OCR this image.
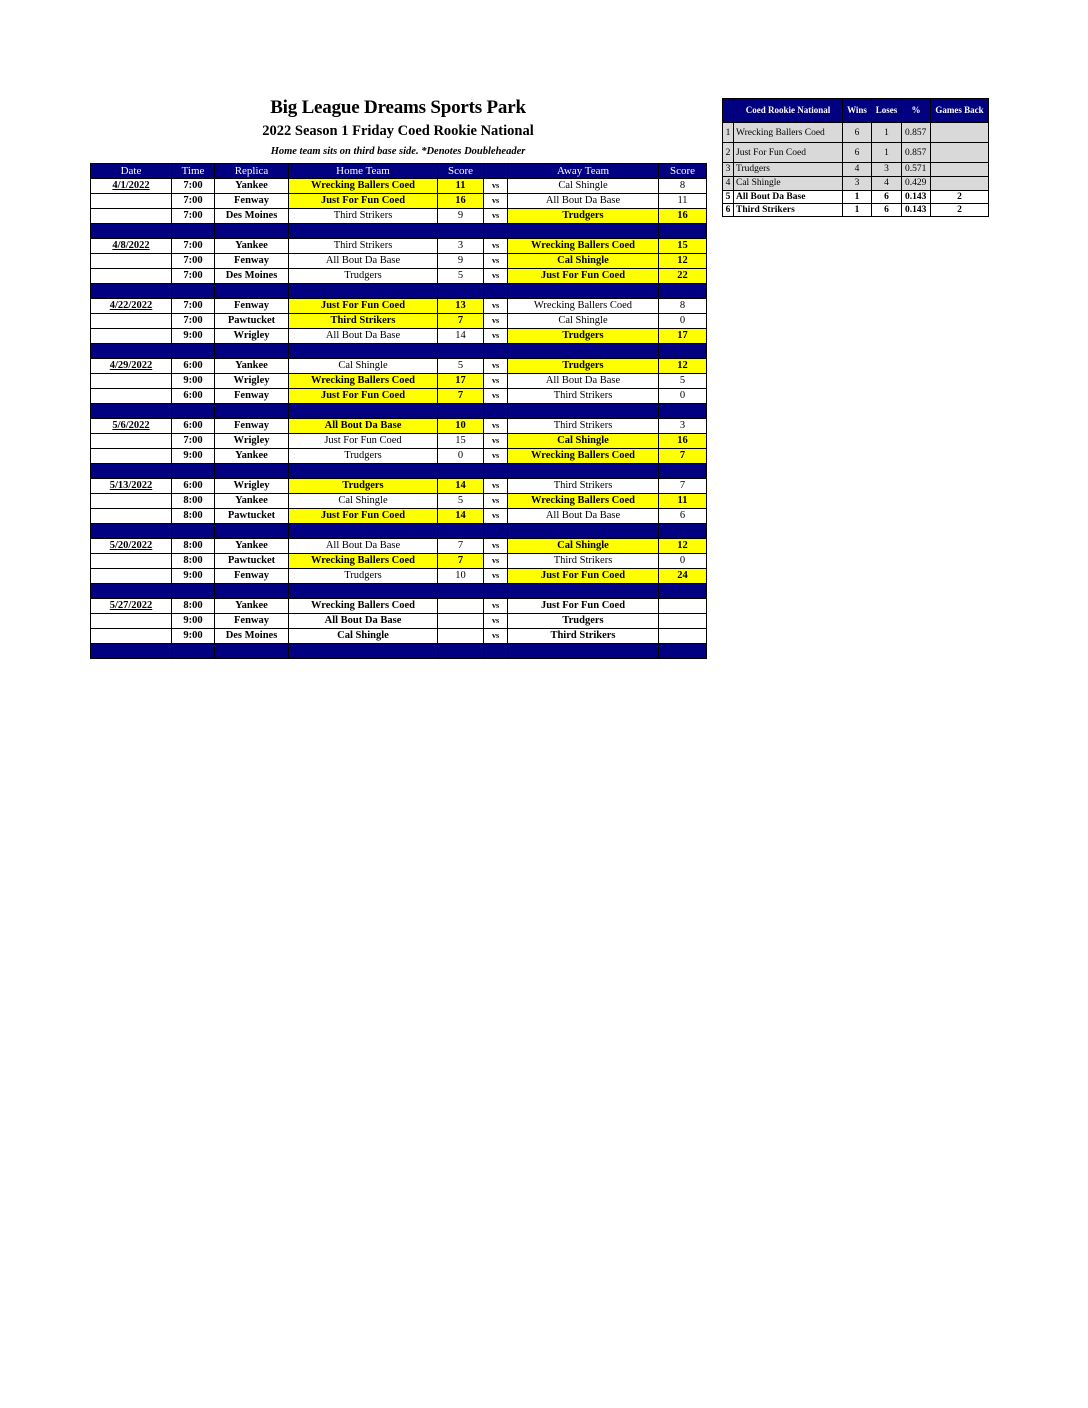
Big League Dreams Sports Park
2022 Season 1 Friday Coed Rookie National
Home team sits on third base side. *Denotes Doubleheader
Date	Time	Replica	Home Team	Score		Away Team	Score
4/1/2022	7:00	Yankee	Wrecking Ballers Coed	11	vs	Cal Shingle	8
	7:00	Fenway	Just For Fun Coed	16	vs	All Bout Da Base	11
	7:00	Des Moines	Third Strikers	9	vs	Trudgers	16

4/8/2022	7:00	Yankee	Third Strikers	3	vs	Wrecking Ballers Coed	15
	7:00	Fenway	All Bout Da Base	9	vs	Cal Shingle	12
	7:00	Des Moines	Trudgers	5	vs	Just For Fun Coed	22

4/22/2022	7:00	Fenway	Just For Fun Coed	13	vs	Wrecking Ballers Coed	8
	7:00	Pawtucket	Third Strikers	7	vs	Cal Shingle	0
	9:00	Wrigley	All Bout Da Base	14	vs	Trudgers	17

4/29/2022	6:00	Yankee	Cal Shingle	5	vs	Trudgers	12
	9:00	Wrigley	Wrecking Ballers Coed	17	vs	All Bout Da Base	5
	6:00	Fenway	Just For Fun Coed	7	vs	Third Strikers	0

5/6/2022	6:00	Fenway	All Bout Da Base	10	vs	Third Strikers	3
	7:00	Wrigley	Just For Fun Coed	15	vs	Cal Shingle	16
	9:00	Yankee	Trudgers	0	vs	Wrecking Ballers Coed	7

5/13/2022	6:00	Wrigley	Trudgers	14	vs	Third Strikers	7
	8:00	Yankee	Cal Shingle	5	vs	Wrecking Ballers Coed	11
	8:00	Pawtucket	Just For Fun Coed	14	vs	All Bout Da Base	6

5/20/2022	8:00	Yankee	All Bout Da Base	7	vs	Cal Shingle	12
	8:00	Pawtucket	Wrecking Ballers Coed	7	vs	Third Strikers	0
	9:00	Fenway	Trudgers	10	vs	Just For Fun Coed	24

5/27/2022	8:00	Yankee	Wrecking Ballers Coed		vs	Just For Fun Coed	
	9:00	Fenway	All Bout Da Base		vs	Trudgers	
	9:00	Des Moines	Cal Shingle		vs	Third Strikers	

	Coed Rookie National	Wins	Loses	%	Games Back
1	Wrecking Ballers Coed	6	1	0.857	
2	Just For Fun Coed	6	1	0.857	
3	Trudgers	4	3	0.571	
4	Cal Shingle	3	4	0.429	
5	All Bout Da Base	1	6	0.143	2
6	Third Strikers	1	6	0.143	2
